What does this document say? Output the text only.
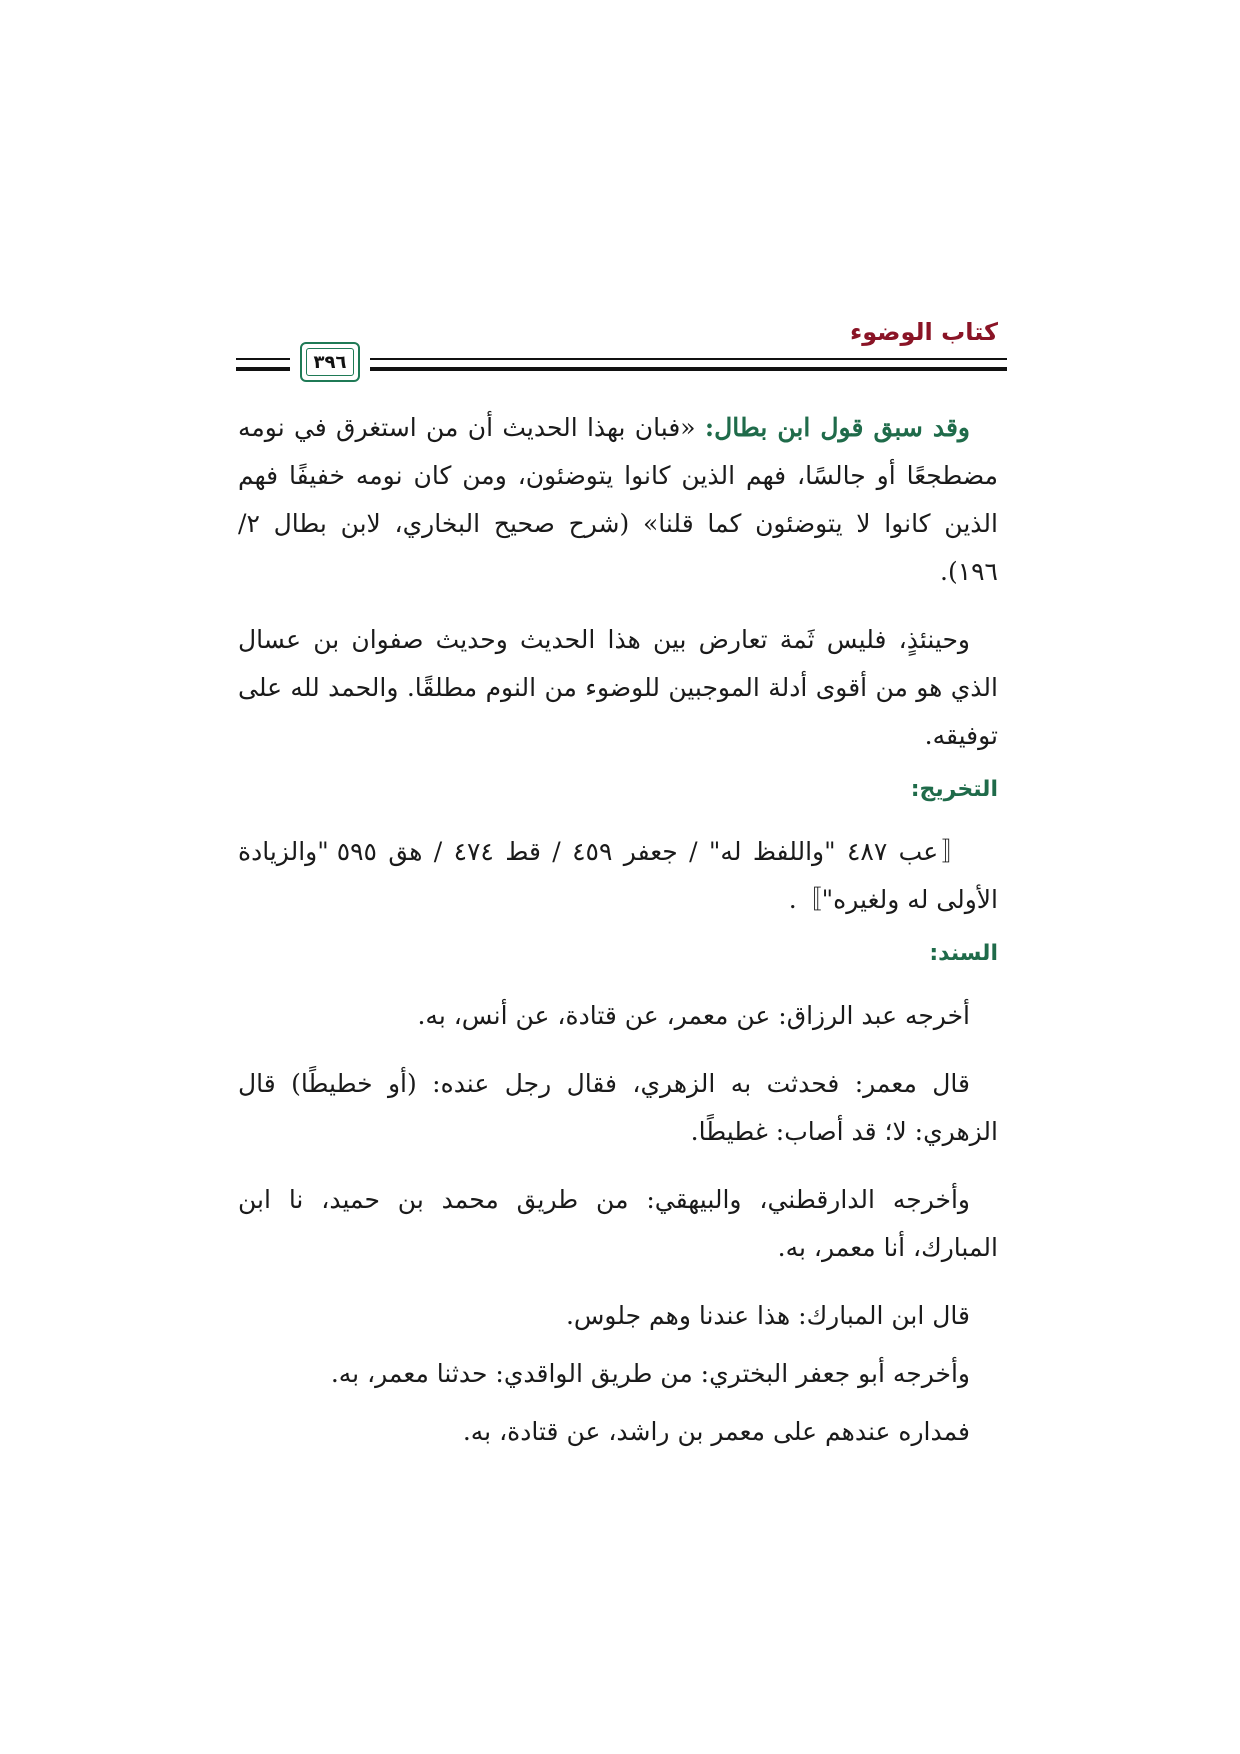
كتاب الوضوء
٣٩٦

وقد سبق قول ابن بطال: «فبان بهذا الحديث أن من استغرق في نومه مضطجعًا أو جالسًا، فهم الذين كانوا يتوضئون، ومن كان نومه خفيفًا فهم الذين كانوا لا يتوضئون كما قلنا» (شرح صحيح البخاري، لابن بطال ٢/ ١٩٦).

وحينئذٍ، فليس ثَمة تعارض بين هذا الحديث وحديث صفوان بن عسال الذي هو من أقوى أدلة الموجبين للوضوء من النوم مطلقًا. والحمد لله على توفيقه.

التخريج:

〚عب ٤٨٧ "واللفظ له" / جعفر ٤٥٩ / قط ٤٧٤ / هق ٥٩٥ "والزيادة الأولى له ولغيره"〛.

السند:

أخرجه عبد الرزاق: عن معمر، عن قتادة، عن أنس، به.

قال معمر: فحدثت به الزهري، فقال رجل عنده: (أو خطيطًا) قال الزهري: لا؛ قد أصاب: غطيطًا.

وأخرجه الدارقطني، والبيهقي: من طريق محمد بن حميد، نا ابن المبارك، أنا معمر، به.

قال ابن المبارك: هذا عندنا وهم جلوس.

وأخرجه أبو جعفر البختري: من طريق الواقدي: حدثنا معمر، به.

فمداره عندهم على معمر بن راشد، عن قتادة، به.
